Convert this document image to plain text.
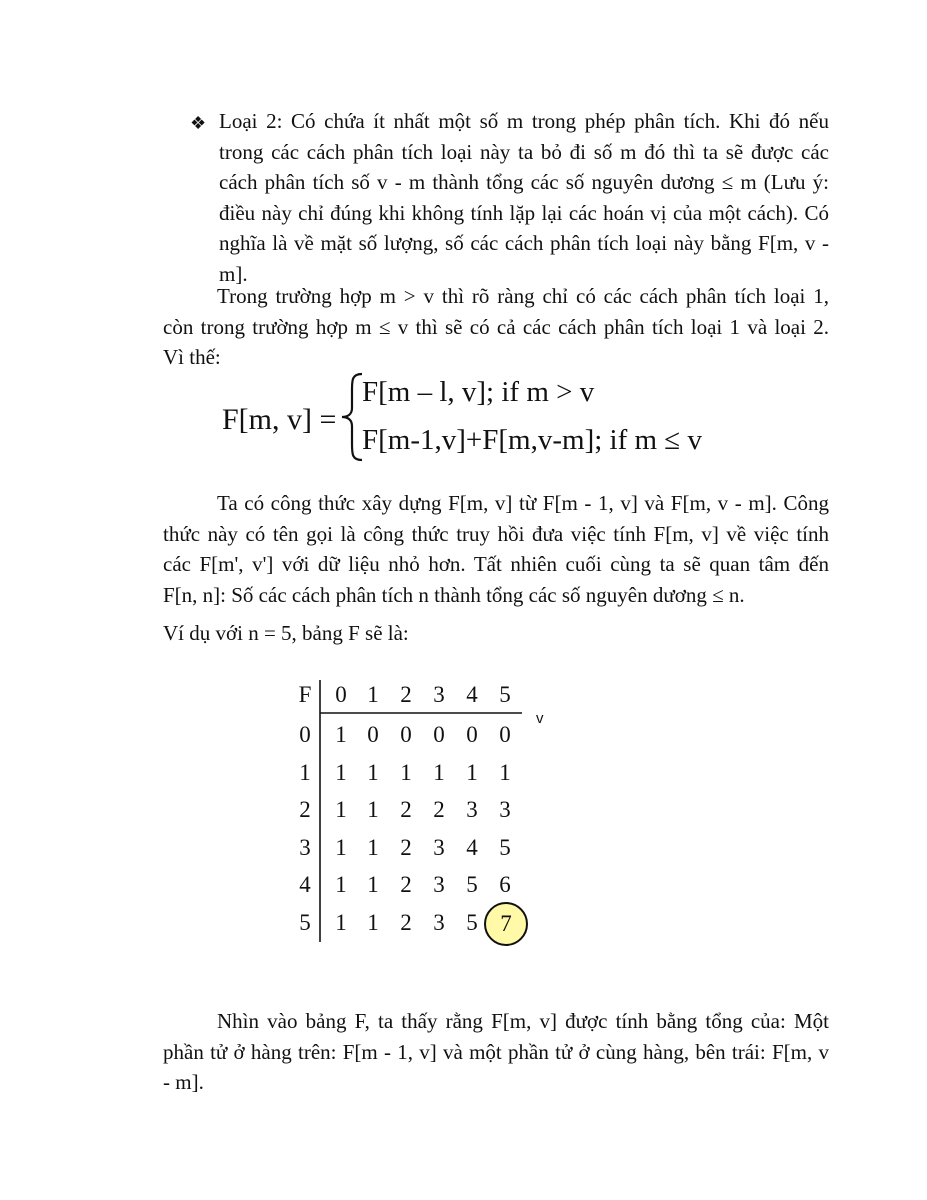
❖ Loại 2: Có chứa ít nhất một số m trong phép phân tích. Khi đó nếu

trong các cách phân tích loại này ta bỏ đi số m đó thì ta sẽ được các

cách phân tích số v - m thành tổng các số nguyên dương ≤ m (Lưu ý:

điều này chỉ đúng khi không tính lặp lại các hoán vị của một cách). Có

nghĩa là về mặt số lượng, số các cách phân tích loại này bằng F[m, v -

m].

Trong trường hợp m > v thì rõ ràng chỉ có các cách phân tích loại 1,

còn trong trường hợp m ≤ v thì sẽ có cả các cách phân tích loại 1 và loại 2.

Vì thế:

F[m, v] =
F[m – l, v]; if m > v
F[m-1,v]+F[m,v-m]; if m ≤ v

Ta có công thức xây dựng F[m, v] từ F[m - 1, v] và F[m, v - m]. Công

thức này có tên gọi là công thức truy hồi đưa việc tính F[m, v] về việc tính

các F[m', v'] với dữ liệu nhỏ hơn. Tất nhiên cuối cùng ta sẽ quan tâm đến

F[n, n]: Số các cách phân tích n thành tổng các số nguyên dương ≤ n.

Ví dụ với n = 5, bảng F sẽ là:

F	0 1 2 3 4 5
v
0	1 0 0 0 0 0
1	1 1 1 1 1 1
2	1 1 2 2 3 3
3	1 1 2 3 4 5
4	1 1 2 3 5 6
5	1 1 2 3 5 7

Nhìn vào bảng F, ta thấy rằng F[m, v] được tính bằng tổng của: Một

phần tử ở hàng trên: F[m - 1, v] và một phần tử ở cùng hàng, bên trái: F[m, v

- m].
